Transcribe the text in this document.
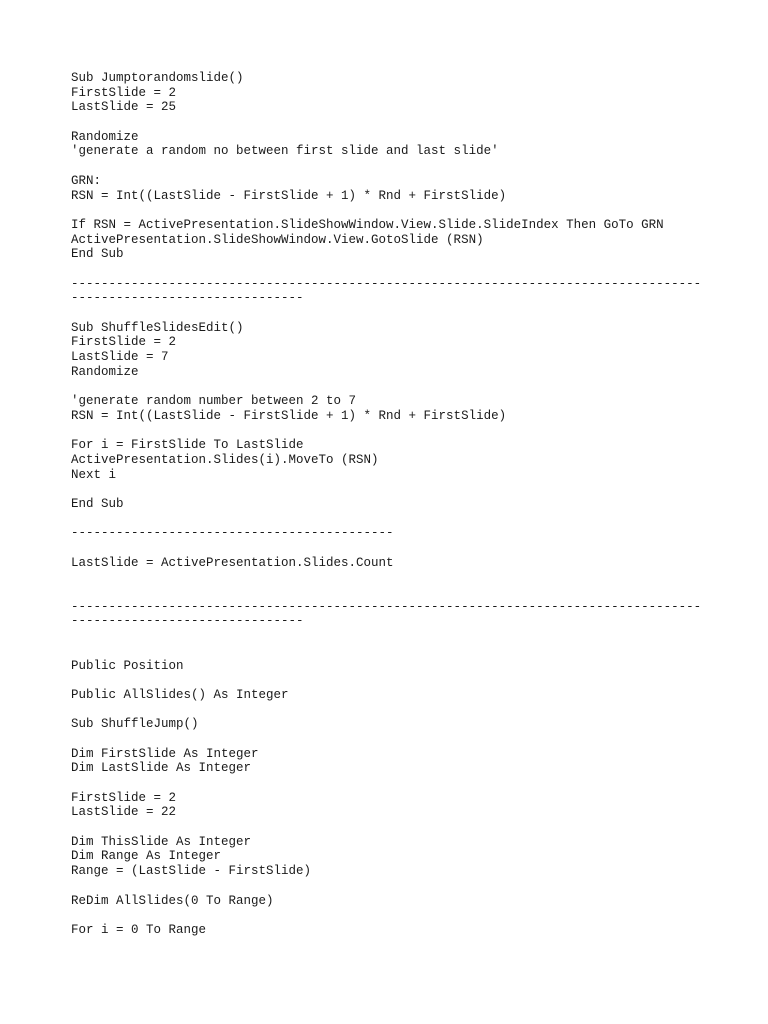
Sub Jumptorandomslide()
FirstSlide = 2
LastSlide = 25
Randomize
'generate a random no between first slide and last slide'
GRN:
RSN = Int((LastSlide - FirstSlide + 1) * Rnd + FirstSlide)
If RSN = ActivePresentation.SlideShowWindow.View.Slide.SlideIndex Then GoTo GRN
ActivePresentation.SlideShowWindow.View.GotoSlide (RSN)
End Sub
------------------------------------------------------------------------------------
-------------------------------
Sub ShuffleSlidesEdit()
FirstSlide = 2
LastSlide = 7
Randomize
'generate random number between 2 to 7
RSN = Int((LastSlide - FirstSlide + 1) * Rnd + FirstSlide)
For i = FirstSlide To LastSlide
ActivePresentation.Slides(i).MoveTo (RSN)
Next i
End Sub
-------------------------------------------
LastSlide = ActivePresentation.Slides.Count
------------------------------------------------------------------------------------
-------------------------------
Public Position
Public AllSlides() As Integer
Sub ShuffleJump()
Dim FirstSlide As Integer
Dim LastSlide As Integer
FirstSlide = 2
LastSlide = 22
Dim ThisSlide As Integer
Dim Range As Integer
Range = (LastSlide - FirstSlide)
ReDim AllSlides(0 To Range)
For i = 0 To Range
